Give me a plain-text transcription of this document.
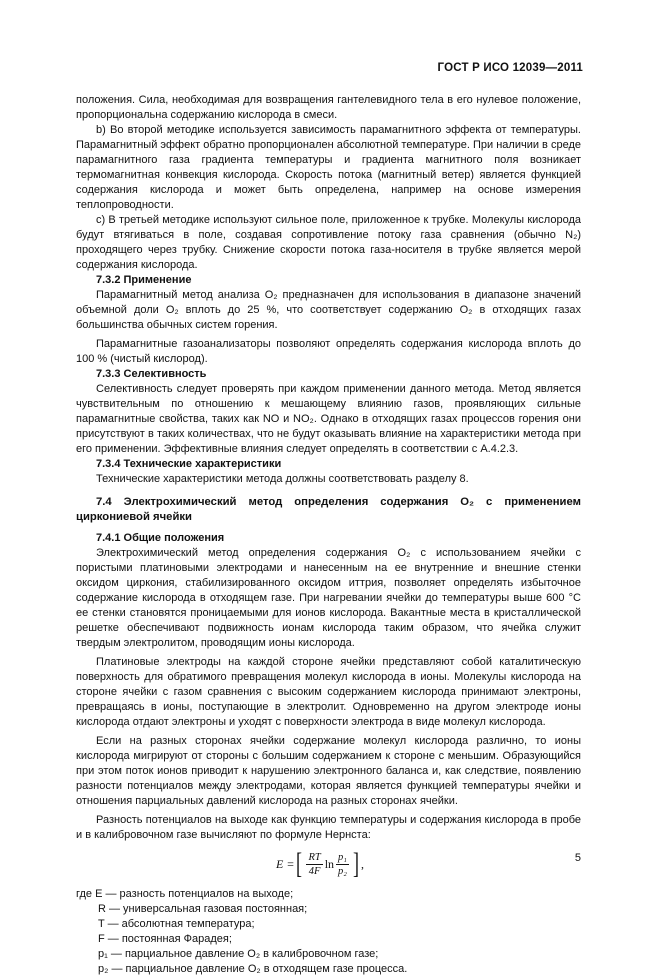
ГОСТ Р ИСО 12039—2011

положения. Сила, необходимая для возвращения гантелевидного тела в его нулевое положение, пропорциональна содержанию кислорода в смеси.

b) Во второй методике используется зависимость парамагнитного эффекта от температуры. Парамагнитный эффект обратно пропорционален абсолютной температуре. При наличии в среде парамагнитного газа градиента температуры и градиента магнитного поля возникает термомагнитная конвекция кислорода. Скорость потока (магнитный ветер) является функцией содержания кислорода и может быть определена, например на основе измерения теплопроводности.

c) В третьей методике используют сильное поле, приложенное к трубке. Молекулы кислорода будут втягиваться в поле, создавая сопротивление потоку газа сравнения (обычно N₂) проходящего через трубку. Снижение скорости потока газа-носителя в трубке является мерой содержания кислорода.

7.3.2 Применение

Парамагнитный метод анализа O₂ предназначен для использования в диапазоне значений объемной доли O₂ вплоть до 25 %, что соответствует содержанию O₂ в отходящих газах большинства обычных систем горения.

Парамагнитные газоанализаторы позволяют определять содержания кислорода вплоть до 100 % (чистый кислород).

7.3.3 Селективность

Селективность следует проверять при каждом применении данного метода. Метод является чувствительным по отношению к мешающему влиянию газов, проявляющих сильные парамагнитные свойства, таких как NO и NO₂. Однако в отходящих газах процессов горения они присутствуют в таких количествах, что не будут оказывать влияние на характеристики метода при его применении. Эффективные влияния следует определять в соответствии с А.4.2.3.

7.3.4 Технические характеристики

Технические характеристики метода должны соответствовать разделу 8.

7.4 Электрохимический метод определения содержания O₂ с применением циркониевой ячейки
7.4.1 Общие положения

Электрохимический метод определения содержания O₂ с использованием ячейки с пористыми платиновыми электродами и нанесенным на ее внутренние и внешние стенки оксидом циркония, стабилизированного оксидом иттрия, позволяет определять избыточное содержание кислорода в отходящем газе. При нагревании ячейки до температуры выше 600 °С ее стенки становятся проницаемыми для ионов кислорода. Вакантные места в кристаллической решетке обеспечивают подвижность ионам кислорода таким образом, что ячейка служит твердым электролитом, проводящим ионы кислорода.

Платиновые электроды на каждой стороне ячейки представляют собой каталитическую поверхность для обратимого превращения молекул кислорода в ионы. Молекулы кислорода на стороне ячейки с газом сравнения с высоким содержанием кислорода принимают электроны, превращаясь в ионы, поступающие в электролит. Одновременно на другом электроде ионы кислорода отдают электроны и уходят с поверхности электрода в виде молекул кислорода.

Если на разных сторонах ячейки содержание молекул кислорода различно, то ионы кислорода мигрируют от стороны с большим содержанием к стороне с меньшим. Образующийся при этом поток ионов приводит к нарушению электронного баланса и, как следствие, появлению разности потенциалов между электродами, которая является функцией температуры ячейки и отношения парциальных давлений кислорода на разных сторонах ячейки.

Разность потенциалов на выходе как функцию температуры и содержания кислорода в пробе и в калибровочном газе вычисляют по формуле Нернста:

E = [ $\frac{RT}{4F}$ $\ln \frac{\text{p₁}}{\text{p₂}}$ ] ,
где E — разность потенциалов на выходе;
R — универсальная газовая постоянная;
T — абсолютная температура;
F — постоянная Фарадея;
p₁ — парциальное давление O₂ в калибровочном газе;
p₂ — парциальное давление O₂ в отходящем газе процесса.
5
